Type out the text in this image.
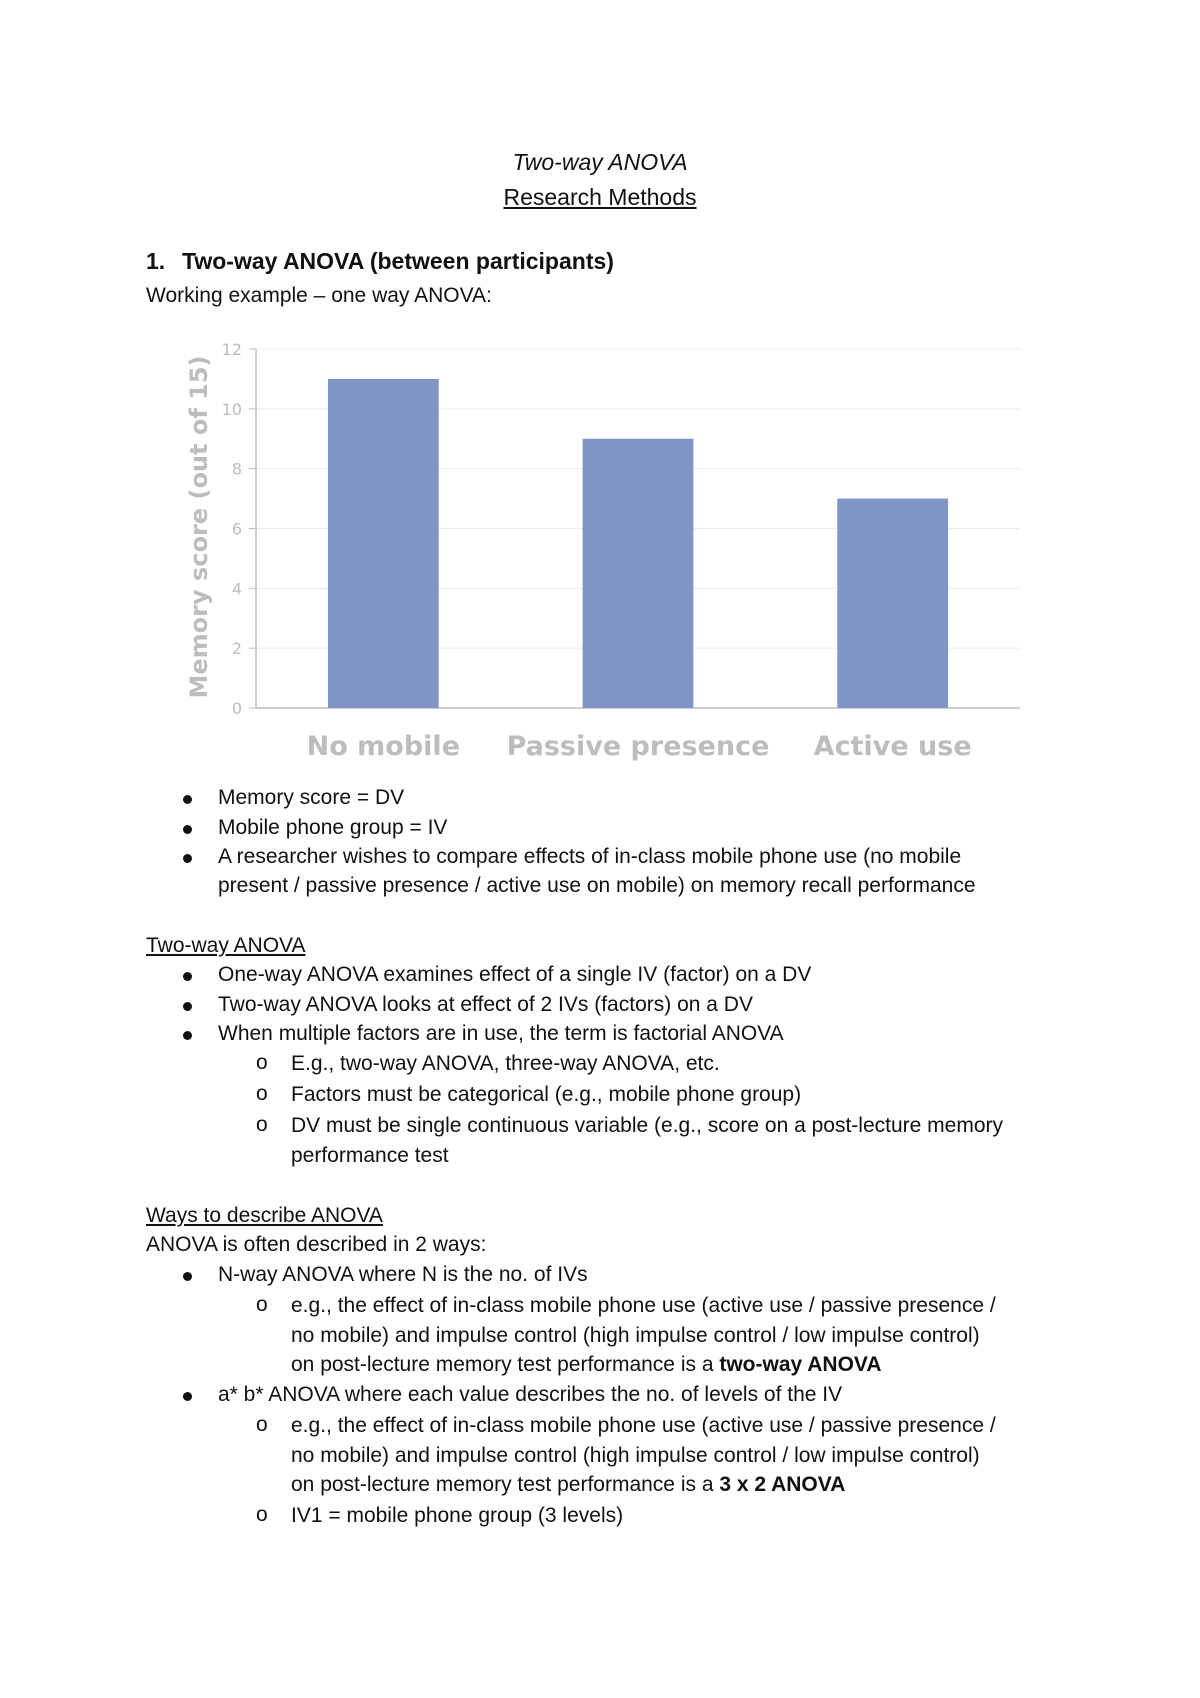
Two-way ANOVA
Research Methods
1. Two-way ANOVA (between participants)
Working example – one way ANOVA:
0
2
4
6
8
10
12
No mobile Passive presence Active use
Memory score (out of 15)
Memory score = DV
Mobile phone group = IV
A researcher wishes to compare effects of in-class mobile phone use (no mobile
present / passive presence / active use on mobile) on memory recall performance
Two-way ANOVA
One-way ANOVA examines effect of a single IV (factor) on a DV
Two-way ANOVA looks at effect of 2 IVs (factors) on a DV
When multiple factors are in use, the term is factorial ANOVA
o E.g., two-way ANOVA, three-way ANOVA, etc.
o Factors must be categorical (e.g., mobile phone group)
o DV must be single continuous variable (e.g., score on a post-lecture memory
performance test
Ways to describe ANOVA
ANOVA is often described in 2 ways:
N-way ANOVA where N is the no. of IVs
o e.g., the effect of in-class mobile phone use (active use / passive presence /
no mobile) and impulse control (high impulse control / low impulse control)
on post-lecture memory test performance is a two-way ANOVA
a* b* ANOVA where each value describes the no. of levels of the IV
o e.g., the effect of in-class mobile phone use (active use / passive presence /
no mobile) and impulse control (high impulse control / low impulse control)
on post-lecture memory test performance is a 3 x 2 ANOVA
o IV1 = mobile phone group (3 levels)
